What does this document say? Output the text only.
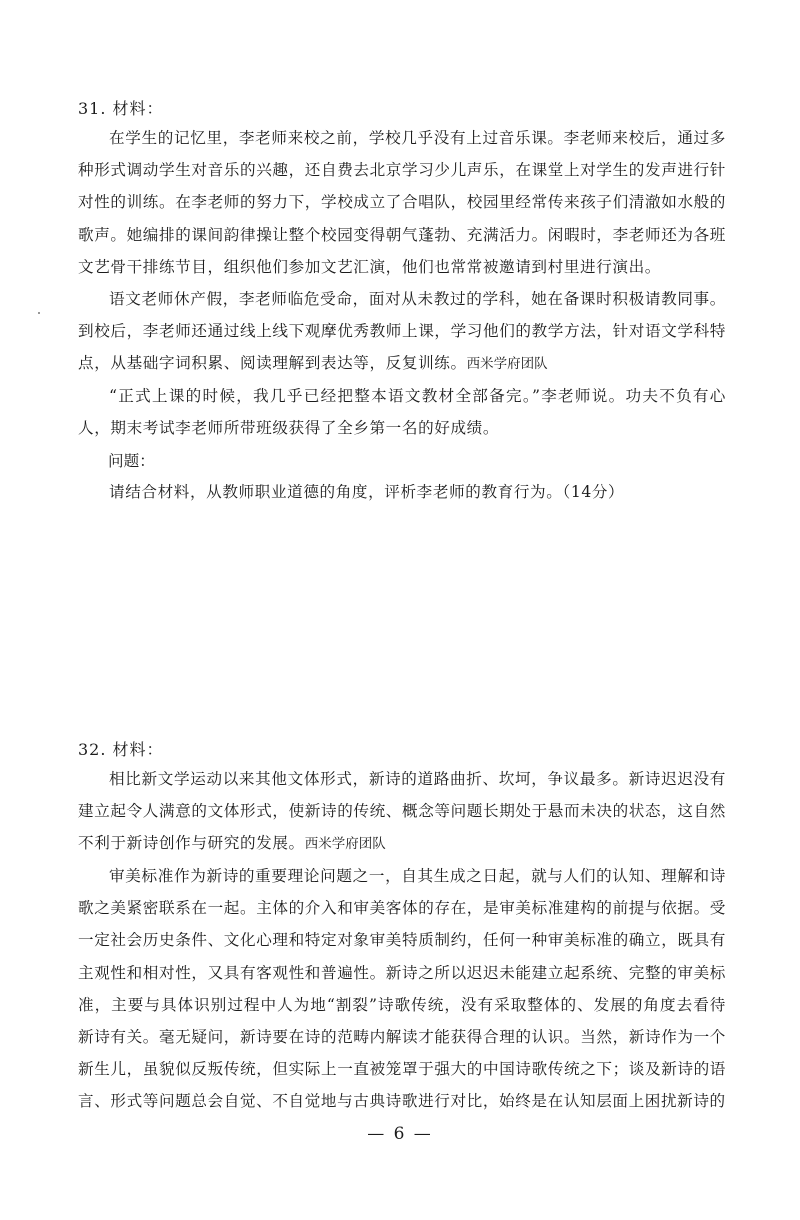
31. 材料：

在学生的记忆里，李老师来校之前，学校几乎没有上过音乐课。李老师来校后，通过多种形式调动学生对音乐的兴趣，还自费去北京学习少儿声乐，在课堂上对学生的发声进行针对性的训练。在李老师的努力下，学校成立了合唱队，校园里经常传来孩子们清澈如水般的歌声。她编排的课间韵律操让整个校园变得朝气蓬勃、充满活力。闲暇时，李老师还为各班文艺骨干排练节目，组织他们参加文艺汇演，他们也常常被邀请到村里进行演出。

语文老师休产假，李老师临危受命，面对从未教过的学科，她在备课时积极请教同事。到校后，李老师还通过线上线下观摩优秀教师上课，学习他们的教学方法，针对语文学科特点，从基础字词积累、阅读理解到表达等，反复训练。西米学府团队

“正式上课的时候，我几乎已经把整本语文教材全部备完。”李老师说。功夫不负有心人，期末考试李老师所带班级获得了全乡第一名的好成绩。

问题：

请结合材料，从教师职业道德的角度，评析李老师的教育行为。（14分）

32. 材料：

相比新文学运动以来其他文体形式，新诗的道路曲折、坎坷，争议最多。新诗迟迟没有建立起令人满意的文体形式，使新诗的传统、概念等问题长期处于悬而未决的状态，这自然不利于新诗创作与研究的发展。西米学府团队

审美标准作为新诗的重要理论问题之一，自其生成之日起，就与人们的认知、理解和诗歌之美紧密联系在一起。主体的介入和审美客体的存在，是审美标准建构的前提与依据。受一定社会历史条件、文化心理和特定对象审美特质制约，任何一种审美标准的确立，既具有主观性和相对性，又具有客观性和普遍性。新诗之所以迟迟未能建立起系统、完整的审美标准，主要与具体识别过程中人为地“割裂”诗歌传统，没有采取整体的、发展的角度去看待新诗有关。毫无疑问，新诗要在诗的范畴内解读才能获得合理的认识。当然，新诗作为一个新生儿，虽貌似反叛传统，但实际上一直被笼罩于强大的中国诗歌传统之下；谈及新诗的语言、形式等问题总会自觉、不自觉地与古典诗歌进行对比，始终是在认知层面上困扰新诗的

— 6 —
